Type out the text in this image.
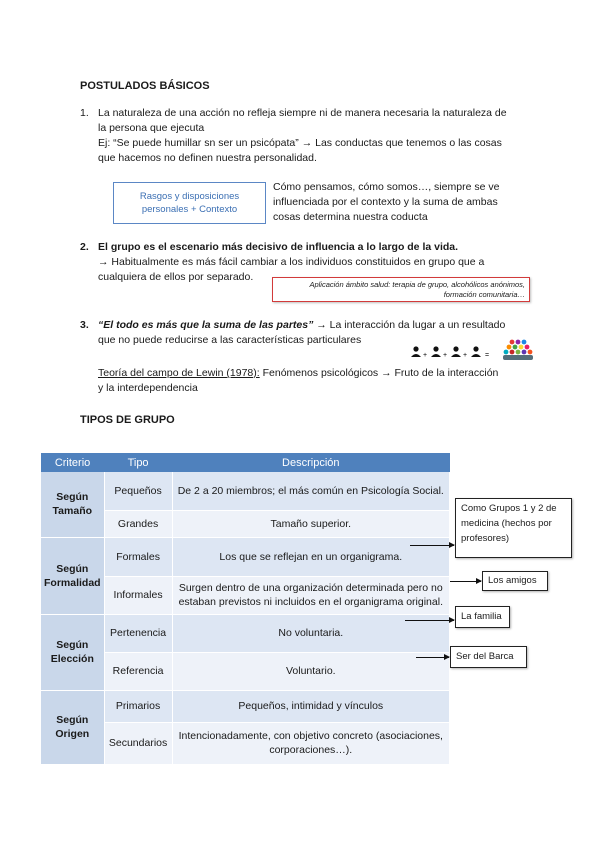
POSTULADOS BÁSICOS
1. La naturaleza de una acción no refleja siempre ni de manera necesaria la naturaleza de
la persona que ejecuta
Ej: “Se puede humillar sn ser un psicópata” → Las conductas que tenemos o las cosas
que hacemos no definen nuestra personalidad.
Rasgos y disposiciones
personales + Contexto
Cómo pensamos, cómo somos…, siempre se ve
influenciada por el contexto y la suma de ambas
cosas determina nuestra coducta
2. El grupo es el escenario más decisivo de influencia a lo largo de la vida.
→ Habitualmente es más fácil cambiar a los individuos constituidos en grupo que a
cualquiera de ellos por separado.
Aplicación ámbito salud: terapia de grupo, alcohólicos anónimos,
formación comunitaria…
3. “El todo es más que la suma de las partes” → La interacción da lugar a un resultado
que no puede reducirse a las características particulares
+ + +	=
Teoría del campo de Lewin (1978): Fenómenos psicológicos → Fruto de la interacción
y la interdependencia
TIPOS DE GRUPO
Criterio	Tipo	Descripción
Según Tamaño	Pequeños	De 2 a 20 miembros; el más común en Psicología Social.
	Grandes	Tamaño superior.
Según Formalidad	Formales	Los que se reflejan en un organigrama.
	Informales	Surgen dentro de una organización determinada pero no estaban previstos ni incluidos en el organigrama original.
Según Elección	Pertenencia	No voluntaria.
	Referencia	Voluntario.
Según Origen	Primarios	Pequeños, intimidad y vínculos
	Secundarios	Intencionadamente, con objetivo concreto (asociaciones, corporaciones…).
Como Grupos 1 y 2 de medicina (hechos por profesores)
Los amigos
La familia
Ser del Barca
